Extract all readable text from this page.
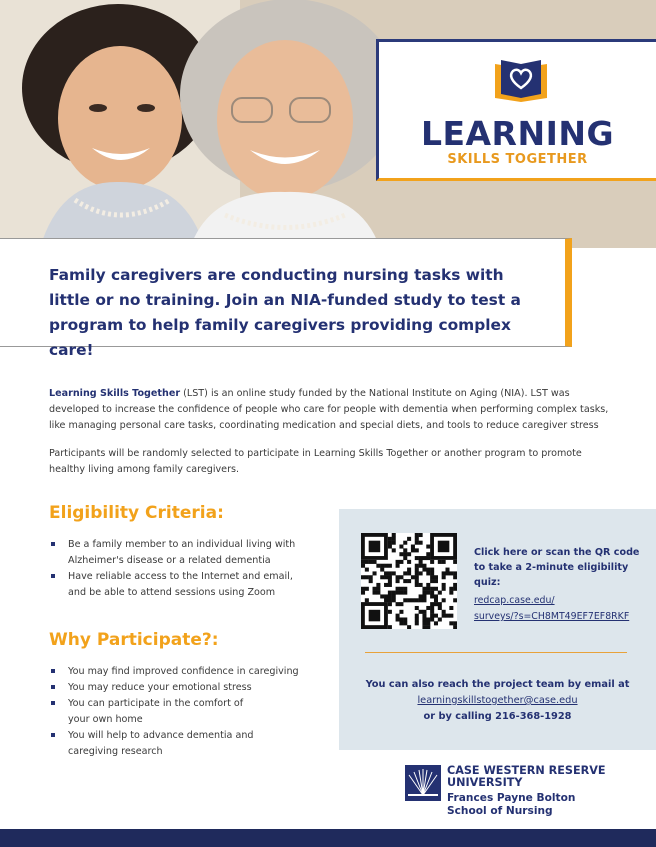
LEARNING
SKILLS TOGETHER

Family caregivers are conducting nursing tasks with little or no training. Join an NIA-funded study to test a program to help family caregivers providing complex care!

Learning Skills Together (LST) is an online study funded by the National Institute on Aging (NIA). LST was developed to increase the confidence of people who care for people with dementia when performing complex tasks, like managing personal care tasks, coordinating medication and special diets, and tools to reduce caregiver stress

Participants will be randomly selected to participate in Learning Skills Together or another program to promote healthy living among family caregivers.

Eligibility Criteria:
Be a family member to an individual living with Alzheimer's disease or a related dementia
Have reliable access to the Internet and email, and be able to attend sessions using Zoom
Why Participate?:
You may find improved confidence in caregiving
You may reduce your emotional stress
You can participate in the comfort of your own home
You will help to advance dementia and caregiving research
Click here or scan the QR code to take a 2-minute eligibility quiz:
redcap.case.edu/
surveys/?s=CH8MT49EF7EF8RKF
You can also reach the project team by email at
learningskillstogether@case.edu
or by calling 216-368-1928
CASE WESTERN RESERVE
UNIVERSITY
Frances Payne Bolton
School of Nursing
